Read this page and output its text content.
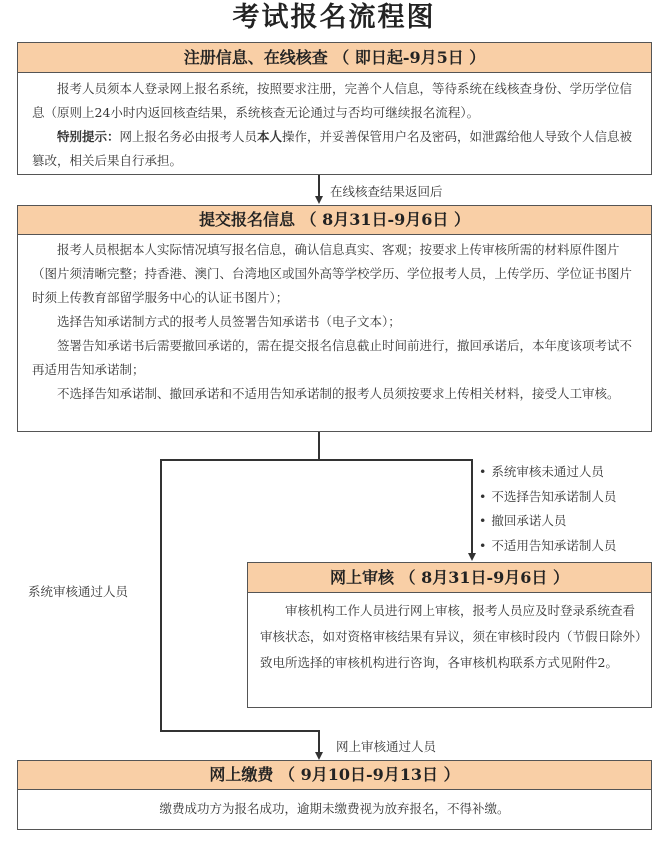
考试报名流程图
注册信息、在线核查 （ 即日起-9月5日 ）

报考人员须本人登录网上报名系统，按照要求注册，完善个人信息，等待系统在线核查身份、学历学位信息（原则上24小时内返回核查结果，系统核查无论通过与否均可继续报名流程）。

特别提示：网上报名务必由报考人员本人操作，并妥善保管用户名及密码，如泄露给他人导致个人信息被篡改，相关后果自行承担。

在线核查结果返回后
提交报名信息 （ 8月31日-9月6日 ）

报考人员根据本人实际情况填写报名信息，确认信息真实、客观；按要求上传审核所需的材料原件图片（图片须清晰完整；持香港、澳门、台湾地区或国外高等学校学历、学位报考人员，上传学历、学位证书图片时须上传教育部留学服务中心的认证书图片）；

选择告知承诺制方式的报考人员签署告知承诺书（电子文本）；

签署告知承诺书后需要撤回承诺的，需在提交报名信息截止时间前进行，撤回承诺后，本年度该项考试不再适用告知承诺制；

不选择告知承诺制、撤回承诺和不适用告知承诺制的报考人员须按要求上传相关材料，接受人工审核。

系统审核通过人员
• 系统审核未通过人员
• 不选择告知承诺制人员
• 撤回承诺人员
• 不适用告知承诺制人员
网上审核 （ 8月31日-9月6日 ）

审核机构工作人员进行网上审核，报考人员应及时登录系统查看审核状态，如对资格审核结果有异议，须在审核时段内（节假日除外）致电所选择的审核机构进行咨询，各审核机构联系方式见附件2。

网上审核通过人员
网上缴费 （ 9月10日-9月13日 ）
缴费成功方为报名成功，逾期未缴费视为放弃报名，不得补缴。
